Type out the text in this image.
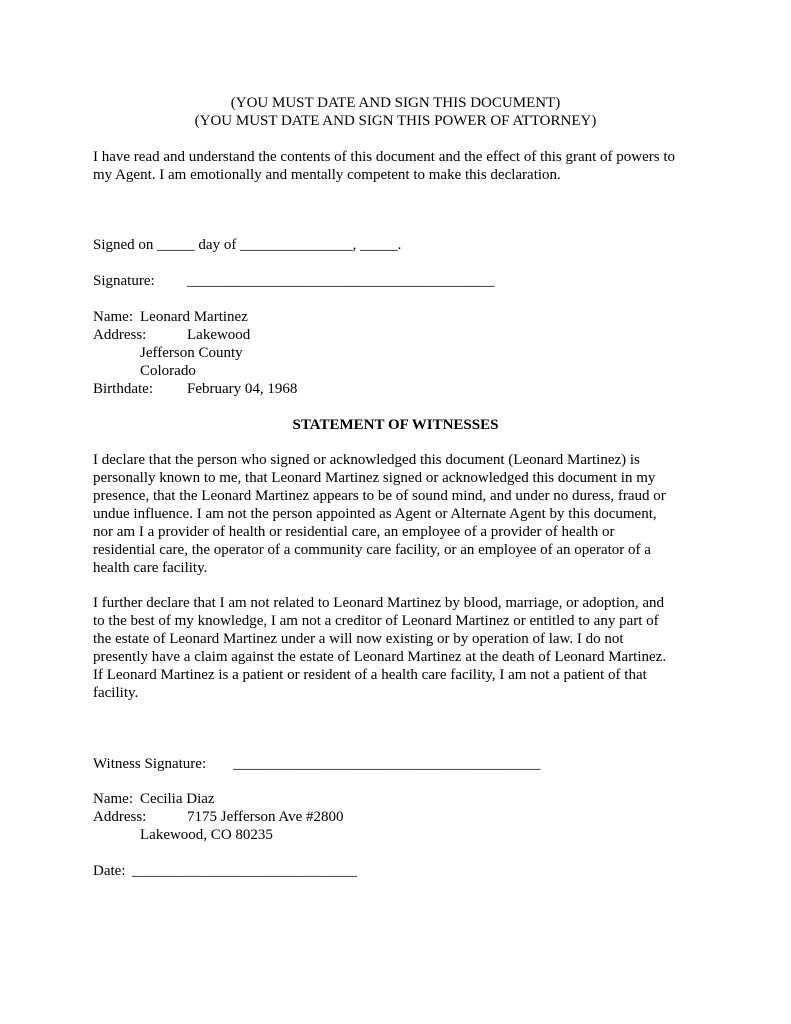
(YOU MUST DATE AND SIGN THIS DOCUMENT)
(YOU MUST DATE AND SIGN THIS POWER OF ATTORNEY)
I have read and understand the contents of this document and the effect of this grant of powers to
my Agent. I am emotionally and mentally competent to make this declaration.
Signed on _____ day of _______________, _____.
Signature: _________________________________________
Name: Leonard Martinez
Address:	Lakewood
Jefferson County
Colorado
Birthdate: February 04, 1968
STATEMENT OF WITNESSES
I declare that the person who signed or acknowledged this document (Leonard Martinez) is
personally known to me, that Leonard Martinez signed or acknowledged this document in my
presence, that the Leonard Martinez appears to be of sound mind, and under no duress, fraud or
undue influence. I am not the person appointed as Agent or Alternate Agent by this document,
nor am I a provider of health or residential care, an employee of a provider of health or
residential care, the operator of a community care facility, or an employee of an operator of a
health care facility.
I further declare that I am not related to Leonard Martinez by blood, marriage, or adoption, and
to the best of my knowledge, I am not a creditor of Leonard Martinez or entitled to any part of
the estate of Leonard Martinez under a will now existing or by operation of law. I do not
presently have a claim against the estate of Leonard Martinez at the death of Leonard Martinez.
If Leonard Martinez is a patient or resident of a health care facility, I am not a patient of that
facility.
Witness Signature: _________________________________________
Name: Cecilia Diaz
Address:	7175 Jefferson Ave #2800
Lakewood, CO 80235
Date: ______________________________
